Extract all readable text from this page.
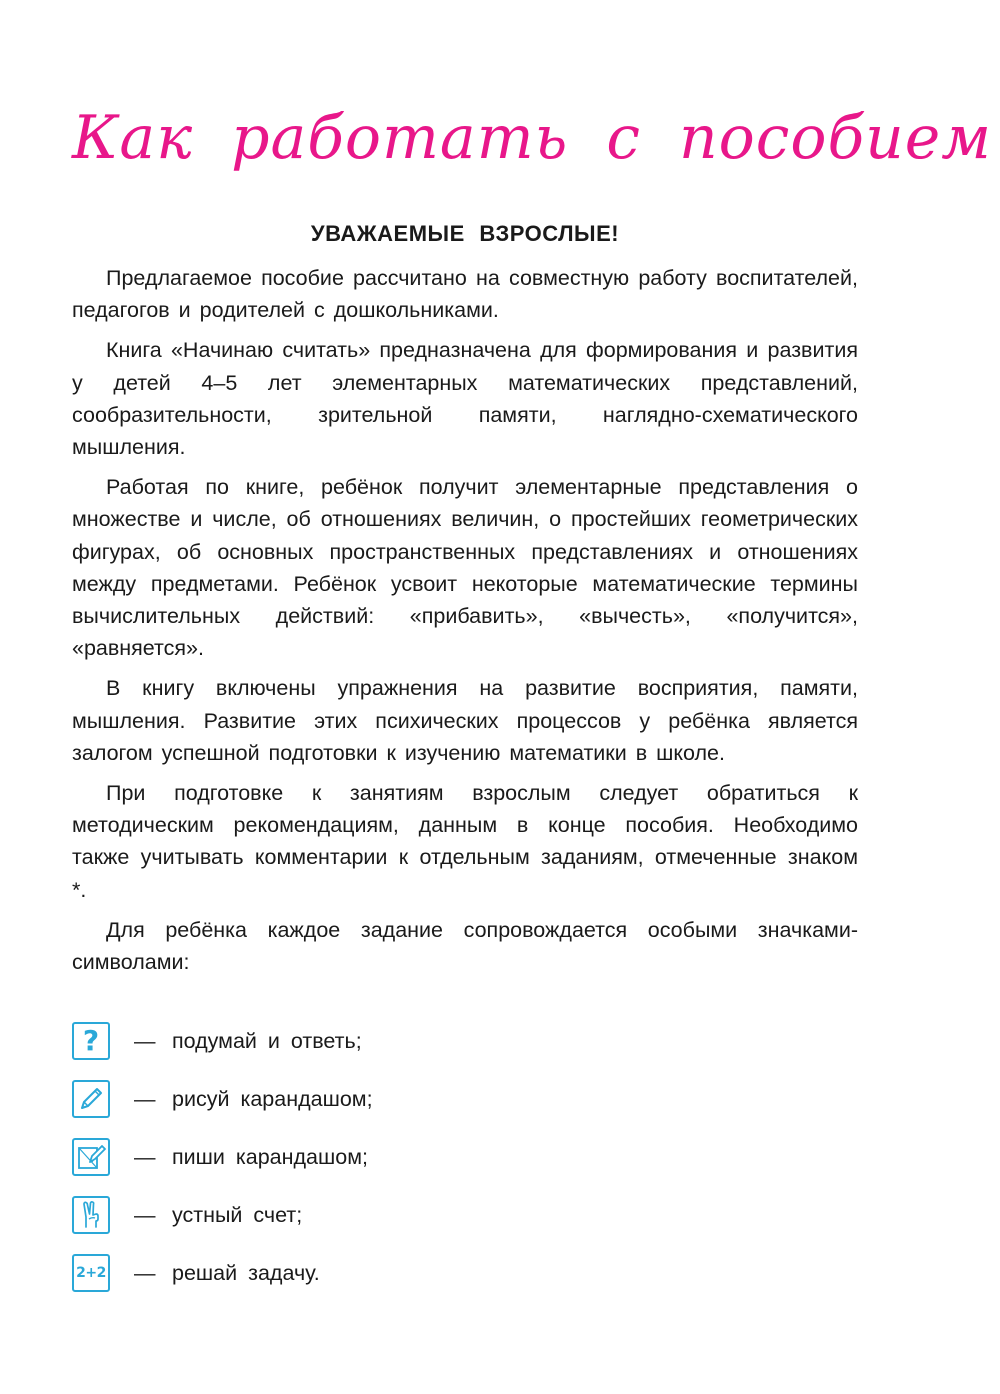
Как работать с пособием
УВАЖАЕМЫЕ ВЗРОСЛЫЕ!

Предлагаемое пособие рассчитано на совместную работу воспитателей, педагогов и родителей с дошкольниками.

Книга «Начинаю считать» предназначена для формирования и развития у детей 4–5 лет элементарных математических представлений, сообразительности, зрительной памяти, наглядно-схематического мышления.

Работая по книге, ребёнок получит элементарные представления о множестве и числе, об отношениях величин, о простейших геометрических фигурах, об основных пространственных представлениях и отношениях между предметами. Ребёнок усвоит некоторые математические термины вычислительных действий: «прибавить», «вычесть», «получится», «равняется».

В книгу включены упражнения на развитие восприятия, памяти, мышления. Развитие этих психических процессов у ребёнка является залогом успешной подготовки к изучению математики в школе.

При подготовке к занятиям взрослым следует обратиться к методическим рекомендациям, данным в конце пособия. Необходимо также учитывать комментарии к отдельным заданиям, отмеченные знаком *.

Для ребёнка каждое задание сопровождается особыми значками-символами:

? — подумай и ответь;
— рисуй карандашом;
— пиши карандашом;
— устный счет;
2+2 — решай задачу.
